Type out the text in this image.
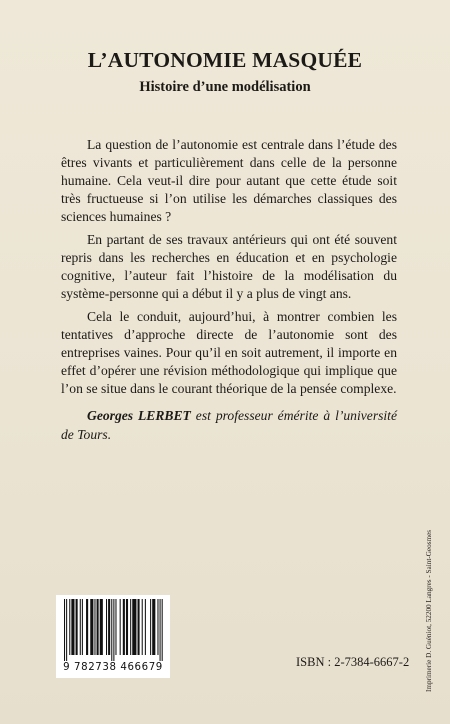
L’AUTONOMIE MASQUÉE
Histoire d’une modélisation

La question de l’autonomie est centrale dans l’étude des êtres vivants et particulièrement dans celle de la personne humaine. Cela veut-il dire pour autant que cette étude soit très fructueuse si l’on utilise les démarches classiques des sciences humaines ?

En partant de ses travaux antérieurs qui ont été souvent repris dans les recherches en éducation et en psychologie cognitive, l’auteur fait l’histoire de la modélisation du système-personne qui a début il y a plus de vingt ans.

Cela le conduit, aujourd’hui, à montrer combien les tentatives d’approche directe de l’autonomie sont des entreprises vaines. Pour qu’il en soit autrement, il importe en effet d’opérer une révision méthodologique qui implique que l’on se situe dans le courant théorique de la pensée complexe.

Georges LERBET est professeur émérite à l’université de Tours.
Imprimerie D. Guéniot, 52200 Langres - Saint-Geosmes
9 782738 466679	ISBN : 2-7384-6667-2
